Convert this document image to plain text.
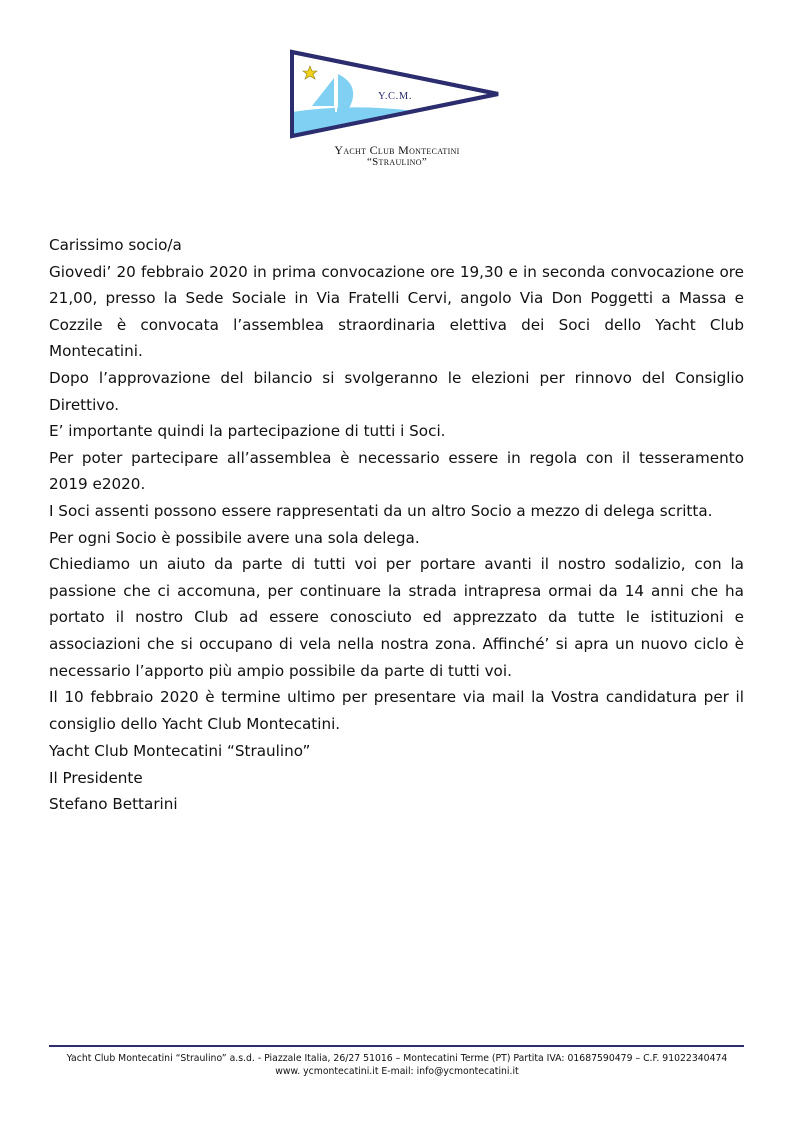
Y.C.M.
Yacht Club Montecatini
“Straulino”

Carissimo socio/a

Giovedi’ 20 febbraio 2020 in prima convocazione ore 19,30 e in seconda convocazione ore 21,00, presso la Sede Sociale in Via Fratelli Cervi, angolo Via Don Poggetti a Massa e Cozzile è convocata l’assemblea straordinaria elettiva dei Soci dello Yacht Club Montecatini.

Dopo l’approvazione del bilancio si svolgeranno le elezioni per rinnovo del Consiglio Direttivo.

E’ importante quindi la partecipazione di tutti i Soci.

Per poter partecipare all’assemblea è necessario essere in regola con il tesseramento 2019 e2020.

I Soci assenti possono essere rappresentati da un altro Socio a mezzo di delega scritta.

Per ogni Socio è possibile avere una sola delega.

Chiediamo un aiuto da parte di tutti voi per portare avanti il nostro sodalizio, con la passione che ci accomuna, per continuare la strada intrapresa ormai da 14 anni che ha portato il nostro Club ad essere conosciuto ed apprezzato da tutte le istituzioni e associazioni che si occupano di vela nella nostra zona. Affinché’ si apra un nuovo ciclo è necessario l’apporto più ampio possibile da parte di tutti voi.

Il 10 febbraio 2020 è termine ultimo per presentare via mail la Vostra candidatura per il consiglio dello Yacht Club Montecatini.

Yacht Club Montecatini “Straulino”

Il Presidente

Stefano Bettarini

Yacht Club Montecatini “Straulino” a.s.d. - Piazzale Italia, 26/27 51016 – Montecatini Terme (PT) Partita IVA: 01687590479 – C.F. 91022340474
www. ycmontecatini.it E-mail: info@ycmontecatini.it
